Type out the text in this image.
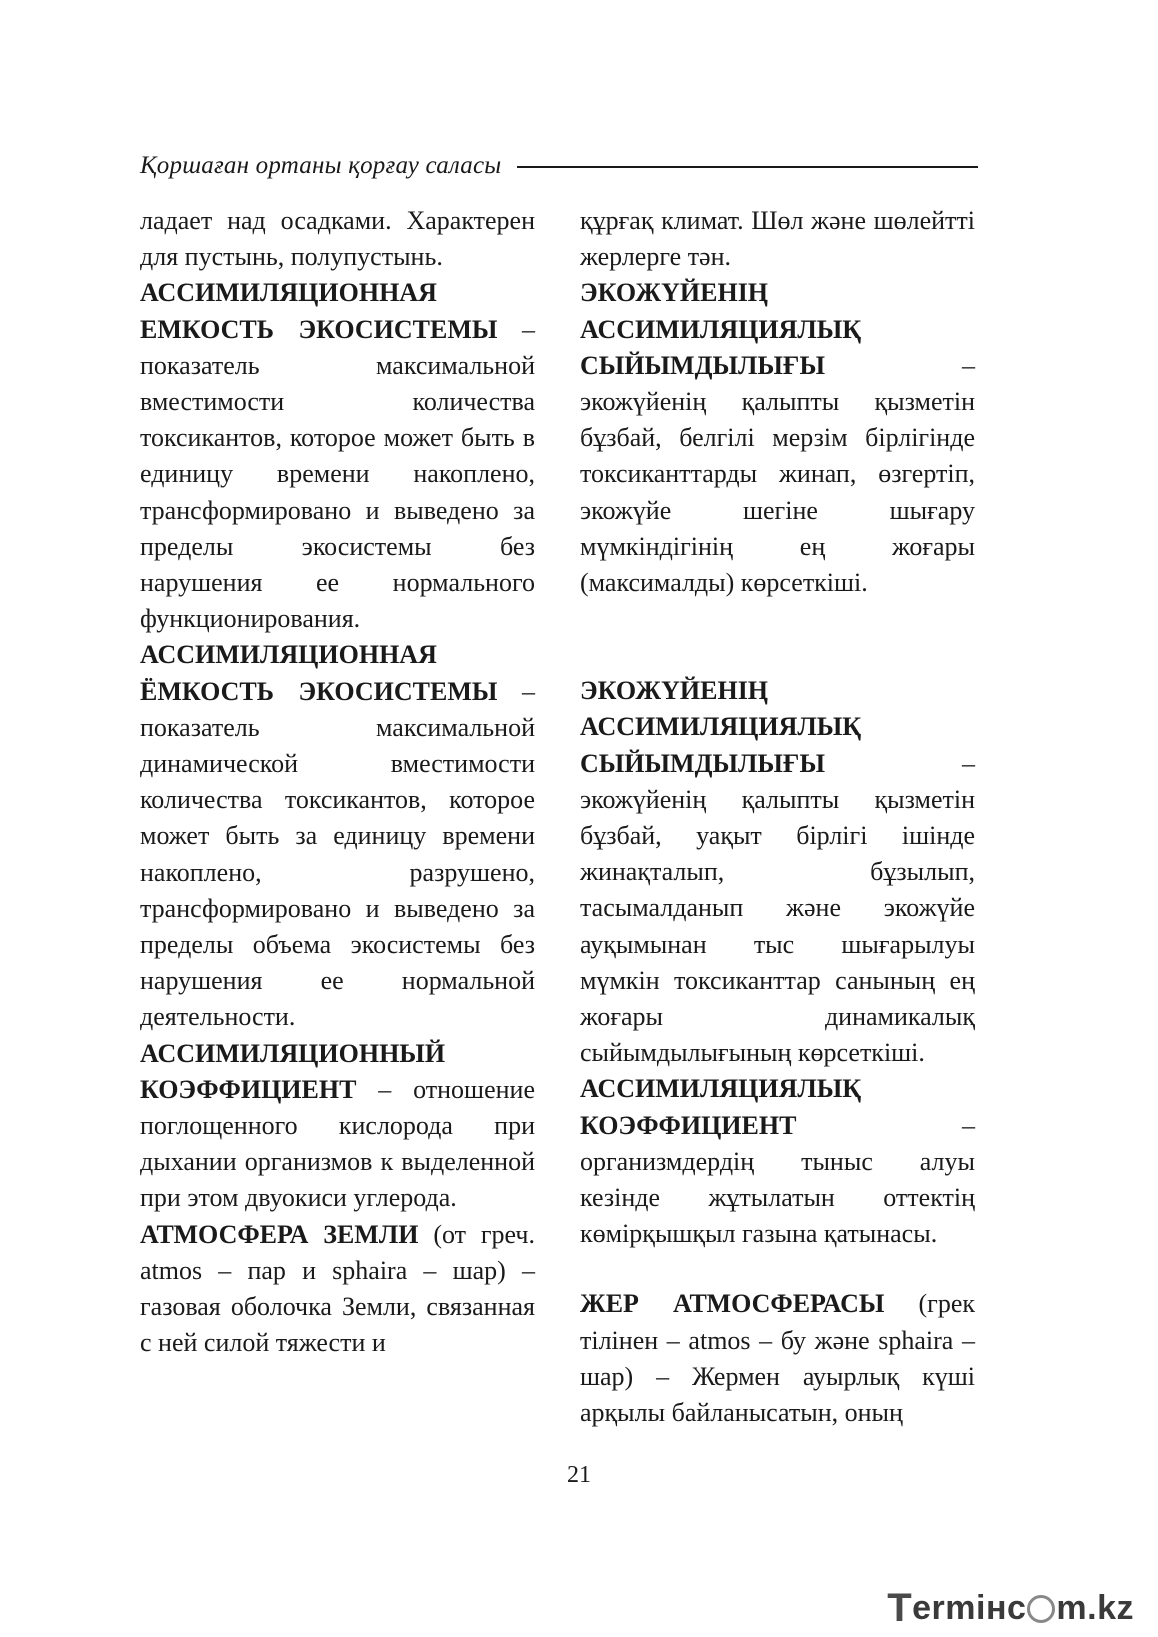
Қоршаған ортаны қорғау саласы

ладает над осадками. Характерен для пустынь, полупустынь.

АССИМИЛЯЦИОННАЯ ЕМКОСТЬ ЭКОСИСТЕМЫ – показатель максимальной вместимости количества токсикантов, которое может быть в единицу времени накоплено, трансформировано и выведено за пределы экосистемы без нарушения ее нормального функционирования.

АССИМИЛЯЦИОННАЯ ЁМКОСТЬ ЭКОСИСТЕМЫ – показатель максимальной динамической вместимости количества токсикантов, которое может быть за единицу времени накоплено, разрушено, трансформировано и выведено за пределы объема экосистемы без нарушения ее нормальной деятельности.

АССИМИЛЯЦИОННЫЙ КОЭФФИЦИЕНТ – отношение поглощенного кислорода при дыхании организмов к выделенной при этом двуокиси углерода.

АТМОСФЕРА ЗЕМЛИ (от греч. atmos – пар и sphaira – шар) – газовая оболочка Земли, связанная с ней силой тяжести и

құрғақ климат. Шөл және шөлейтті жерлерге тән.

ЭКОЖҮЙЕНІҢ АССИМИЛЯЦИЯЛЫҚ СЫЙЫМДЫЛЫҒЫ – экожүйенің қалыпты қызметін бұзбай, белгілі мерзім бірлігінде токсиканттарды жинап, өзгертіп, экожүйе шегіне шығару мүмкіндігінің ең жоғары (максималды) көрсеткіші.

ЭКОЖҮЙЕНІҢ АССИМИЛЯЦИЯЛЫҚ СЫЙЫМДЫЛЫҒЫ – экожүйенің қалыпты қызметін бұзбай, уақыт бірлігі ішінде жинақталып, бұзылып, тасымалданып және экожүйе ауқымынан тыс шығарылуы мүмкін токсиканттар санының ең жоғары динамикалық сыйымдылығының көрсеткіші.

АССИМИЛЯЦИЯЛЫҚ КОЭФФИЦИЕНТ – организмдердің тыныс алуы кезінде жұтылатын оттектің көмірқышқыл газына қатынасы.

ЖЕР АТМОСФЕРАСЫ (грек тілінен – atmos – бу және sphaira – шар) – Жермен ауырлық күші арқылы байланысатын, оның

21
T ermінc m.kz
